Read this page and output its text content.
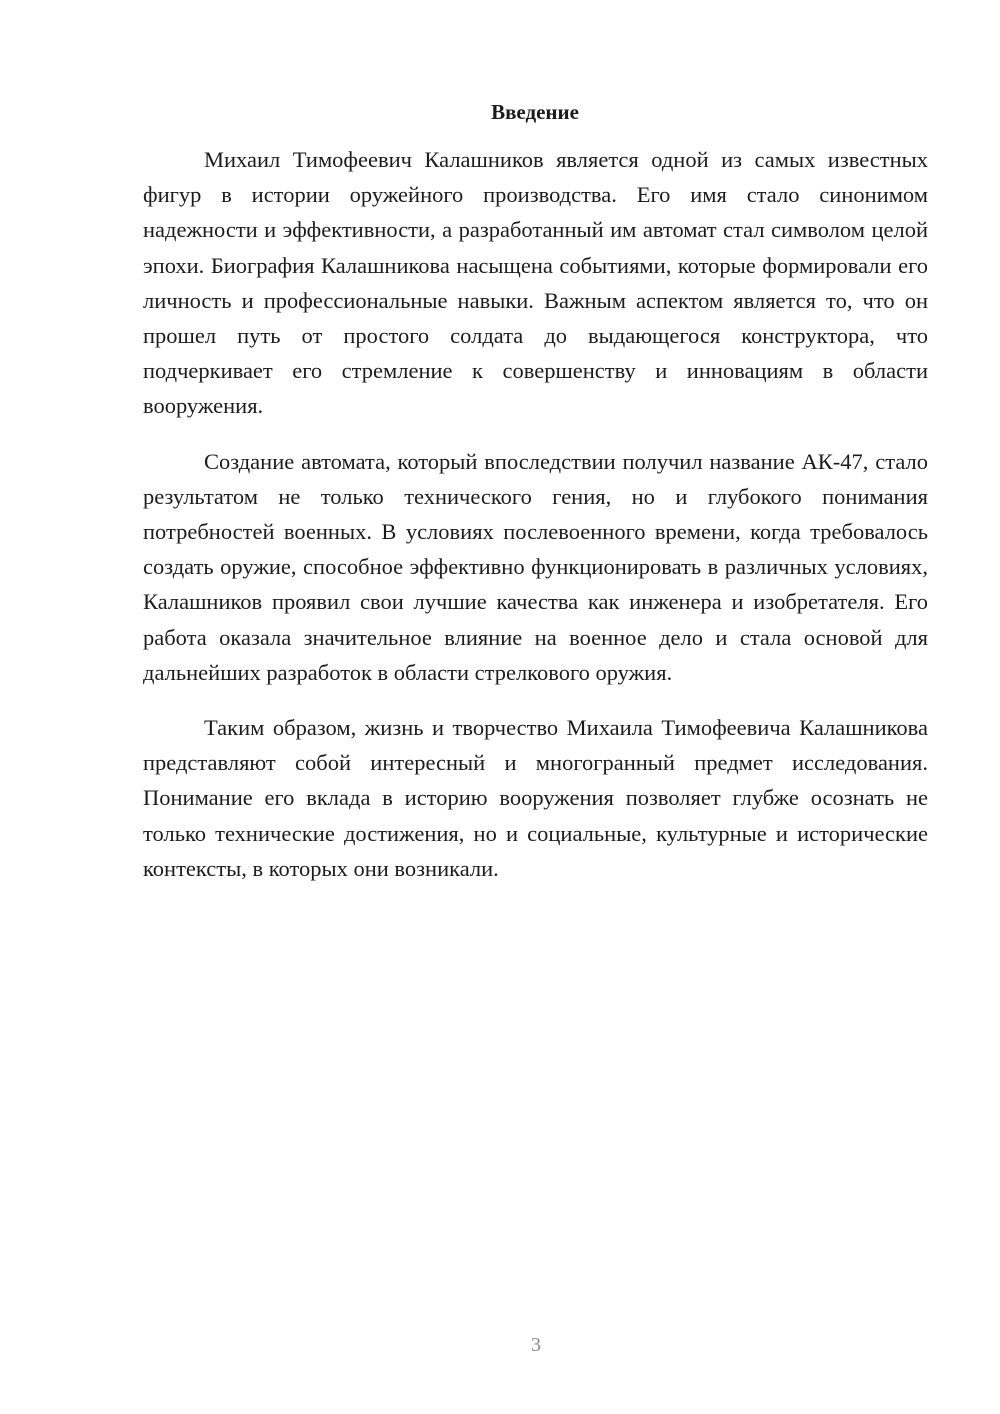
Введение

Михаил Тимофеевич Калашников является одной из самых известных фигур в истории оружейного производства. Его имя стало синонимом надежности и эффективности, а разработанный им автомат стал символом целой эпохи. Биография Калашникова насыщена событиями, которые формировали его личность и профессиональные навыки. Важным аспектом является то, что он прошел путь от простого солдата до выдающегося конструктора, что подчеркивает его стремление к совершенству и инновациям в области вооружения.

Создание автомата, который впоследствии получил название АК-47, стало результатом не только технического гения, но и глубокого понимания потребностей военных. В условиях послевоенного времени, когда требовалось создать оружие, способное эффективно функционировать в различных условиях, Калашников проявил свои лучшие качества как инженера и изобретателя. Его работа оказала значительное влияние на военное дело и стала основой для дальнейших разработок в области стрелкового оружия.

Таким образом, жизнь и творчество Михаила Тимофеевича Калашникова представляют собой интересный и многогранный предмет исследования. Понимание его вклада в историю вооружения позволяет глубже осознать не только технические достижения, но и социальные, культурные и исторические контексты, в которых они возникали.

3
